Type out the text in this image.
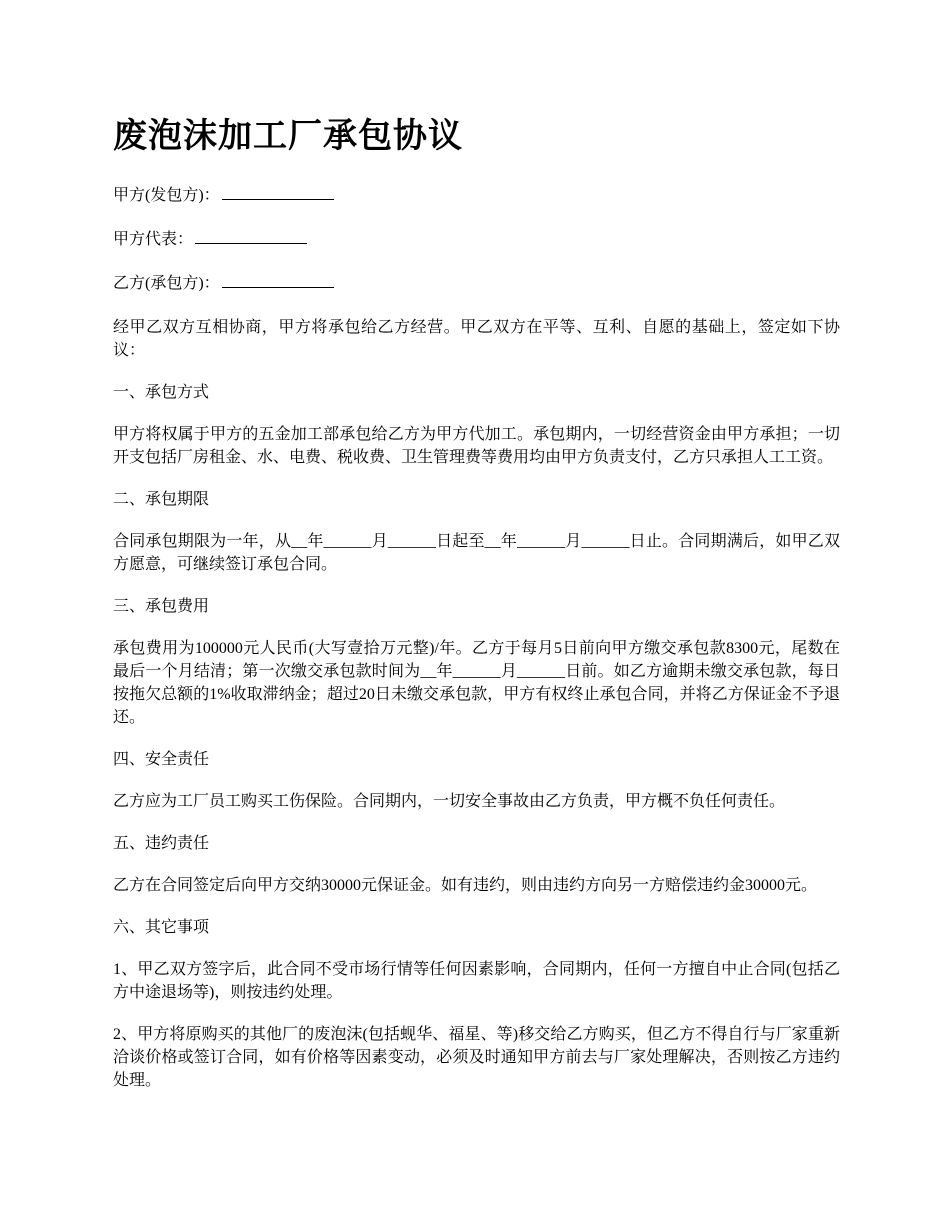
废泡沫加工厂承包协议
甲方(发包方)：
甲方代表：
乙方(承包方)：

经甲乙双方互相协商，甲方将承包给乙方经营。甲乙双方在平等、互利、自愿的基础上，签定如下协议：

一、承包方式

甲方将权属于甲方的五金加工部承包给乙方为甲方代加工。承包期内，一切经营资金由甲方承担；一切开支包括厂房租金、水、电费、税收费、卫生管理费等费用均由甲方负责支付，乙方只承担人工工资。

二、承包期限

合同承包期限为一年，从__年______月______日起至__年______月______日止。合同期满后，如甲乙双方愿意，可继续签订承包合同。

三、承包费用

承包费用为100000元人民币(大写壹拾万元整)/年。乙方于每月5日前向甲方缴交承包款8300元，尾数在最后一个月结清；第一次缴交承包款时间为__年______月______日前。如乙方逾期未缴交承包款，每日按拖欠总额的1%收取滞纳金；超过20日未缴交承包款，甲方有权终止承包合同，并将乙方保证金不予退还。

四、安全责任

乙方应为工厂员工购买工伤保险。合同期内，一切安全事故由乙方负责，甲方概不负任何责任。

五、违约责任

乙方在合同签定后向甲方交纳30000元保证金。如有违约，则由违约方向另一方赔偿违约金30000元。

六、其它事项

1、甲乙双方签字后，此合同不受市场行情等任何因素影响，合同期内，任何一方擅自中止合同(包括乙方中途退场等)，则按违约处理。

2、甲方将原购买的其他厂的废泡沫(包括蚬华、福星、等)移交给乙方购买，但乙方不得自行与厂家重新洽谈价格或签订合同，如有价格等因素变动，必须及时通知甲方前去与厂家处理解决，否则按乙方违约处理。
